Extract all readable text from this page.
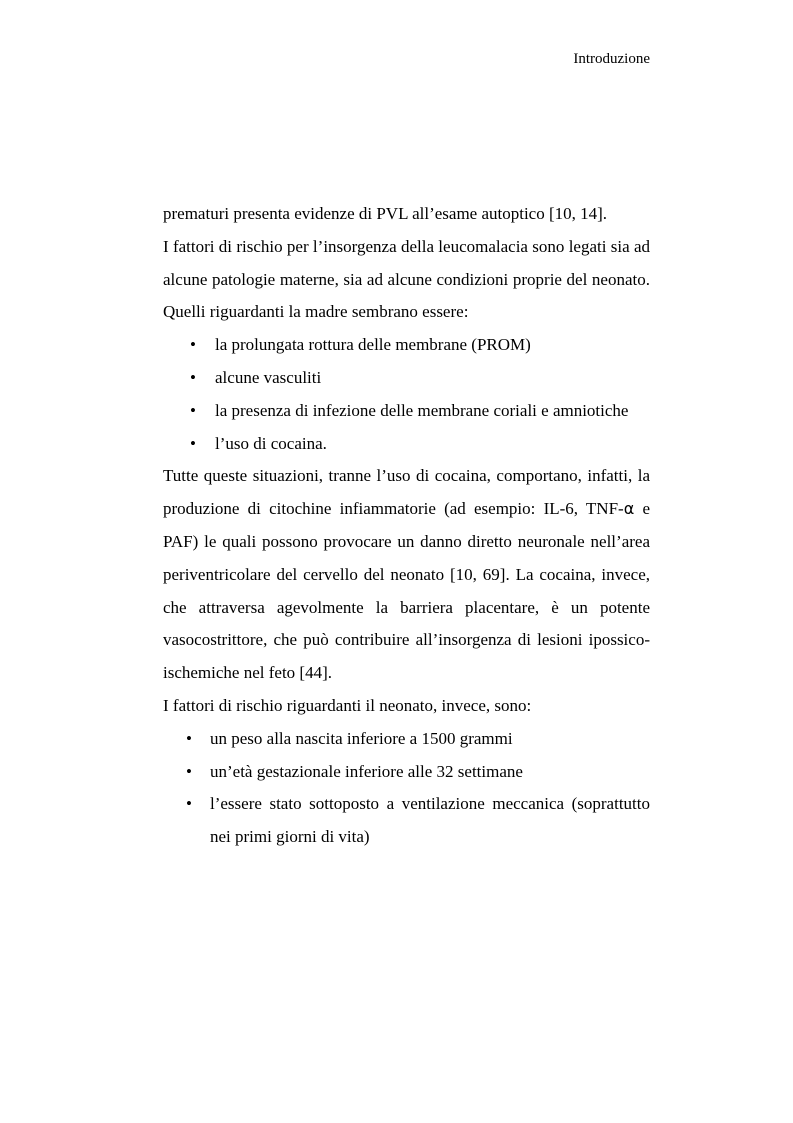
Introduzione

prematuri presenta evidenze di PVL all’esame autoptico [10, 14].

I fattori di rischio per l’insorgenza della leucomalacia sono legati sia ad alcune patologie materne, sia ad alcune condizioni proprie del neonato. Quelli riguardanti la madre sembrano essere:

• la prolungata rottura delle membrane (PROM)
• alcune vasculiti
• la presenza di infezione delle membrane coriali e amniotiche
• l’uso di cocaina.

Tutte queste situazioni, tranne l’uso di cocaina, comportano, infatti, la produzione di citochine infiammatorie (ad esempio: IL-6, TNF-α e PAF) le quali possono provocare un danno diretto neuronale nell’area periventricolare del cervello del neonato [10, 69]. La cocaina, invece, che attraversa agevolmente la barriera placentare, è un potente vasocostrittore, che può contribuire all’insorgenza di lesioni ipossico-ischemiche nel feto [44].

I fattori di rischio riguardanti il neonato, invece, sono:

• un peso alla nascita inferiore a 1500 grammi
• un’età gestazionale inferiore alle 32 settimane
• l’essere stato sottoposto a ventilazione meccanica (soprattutto nei primi giorni di vita)
